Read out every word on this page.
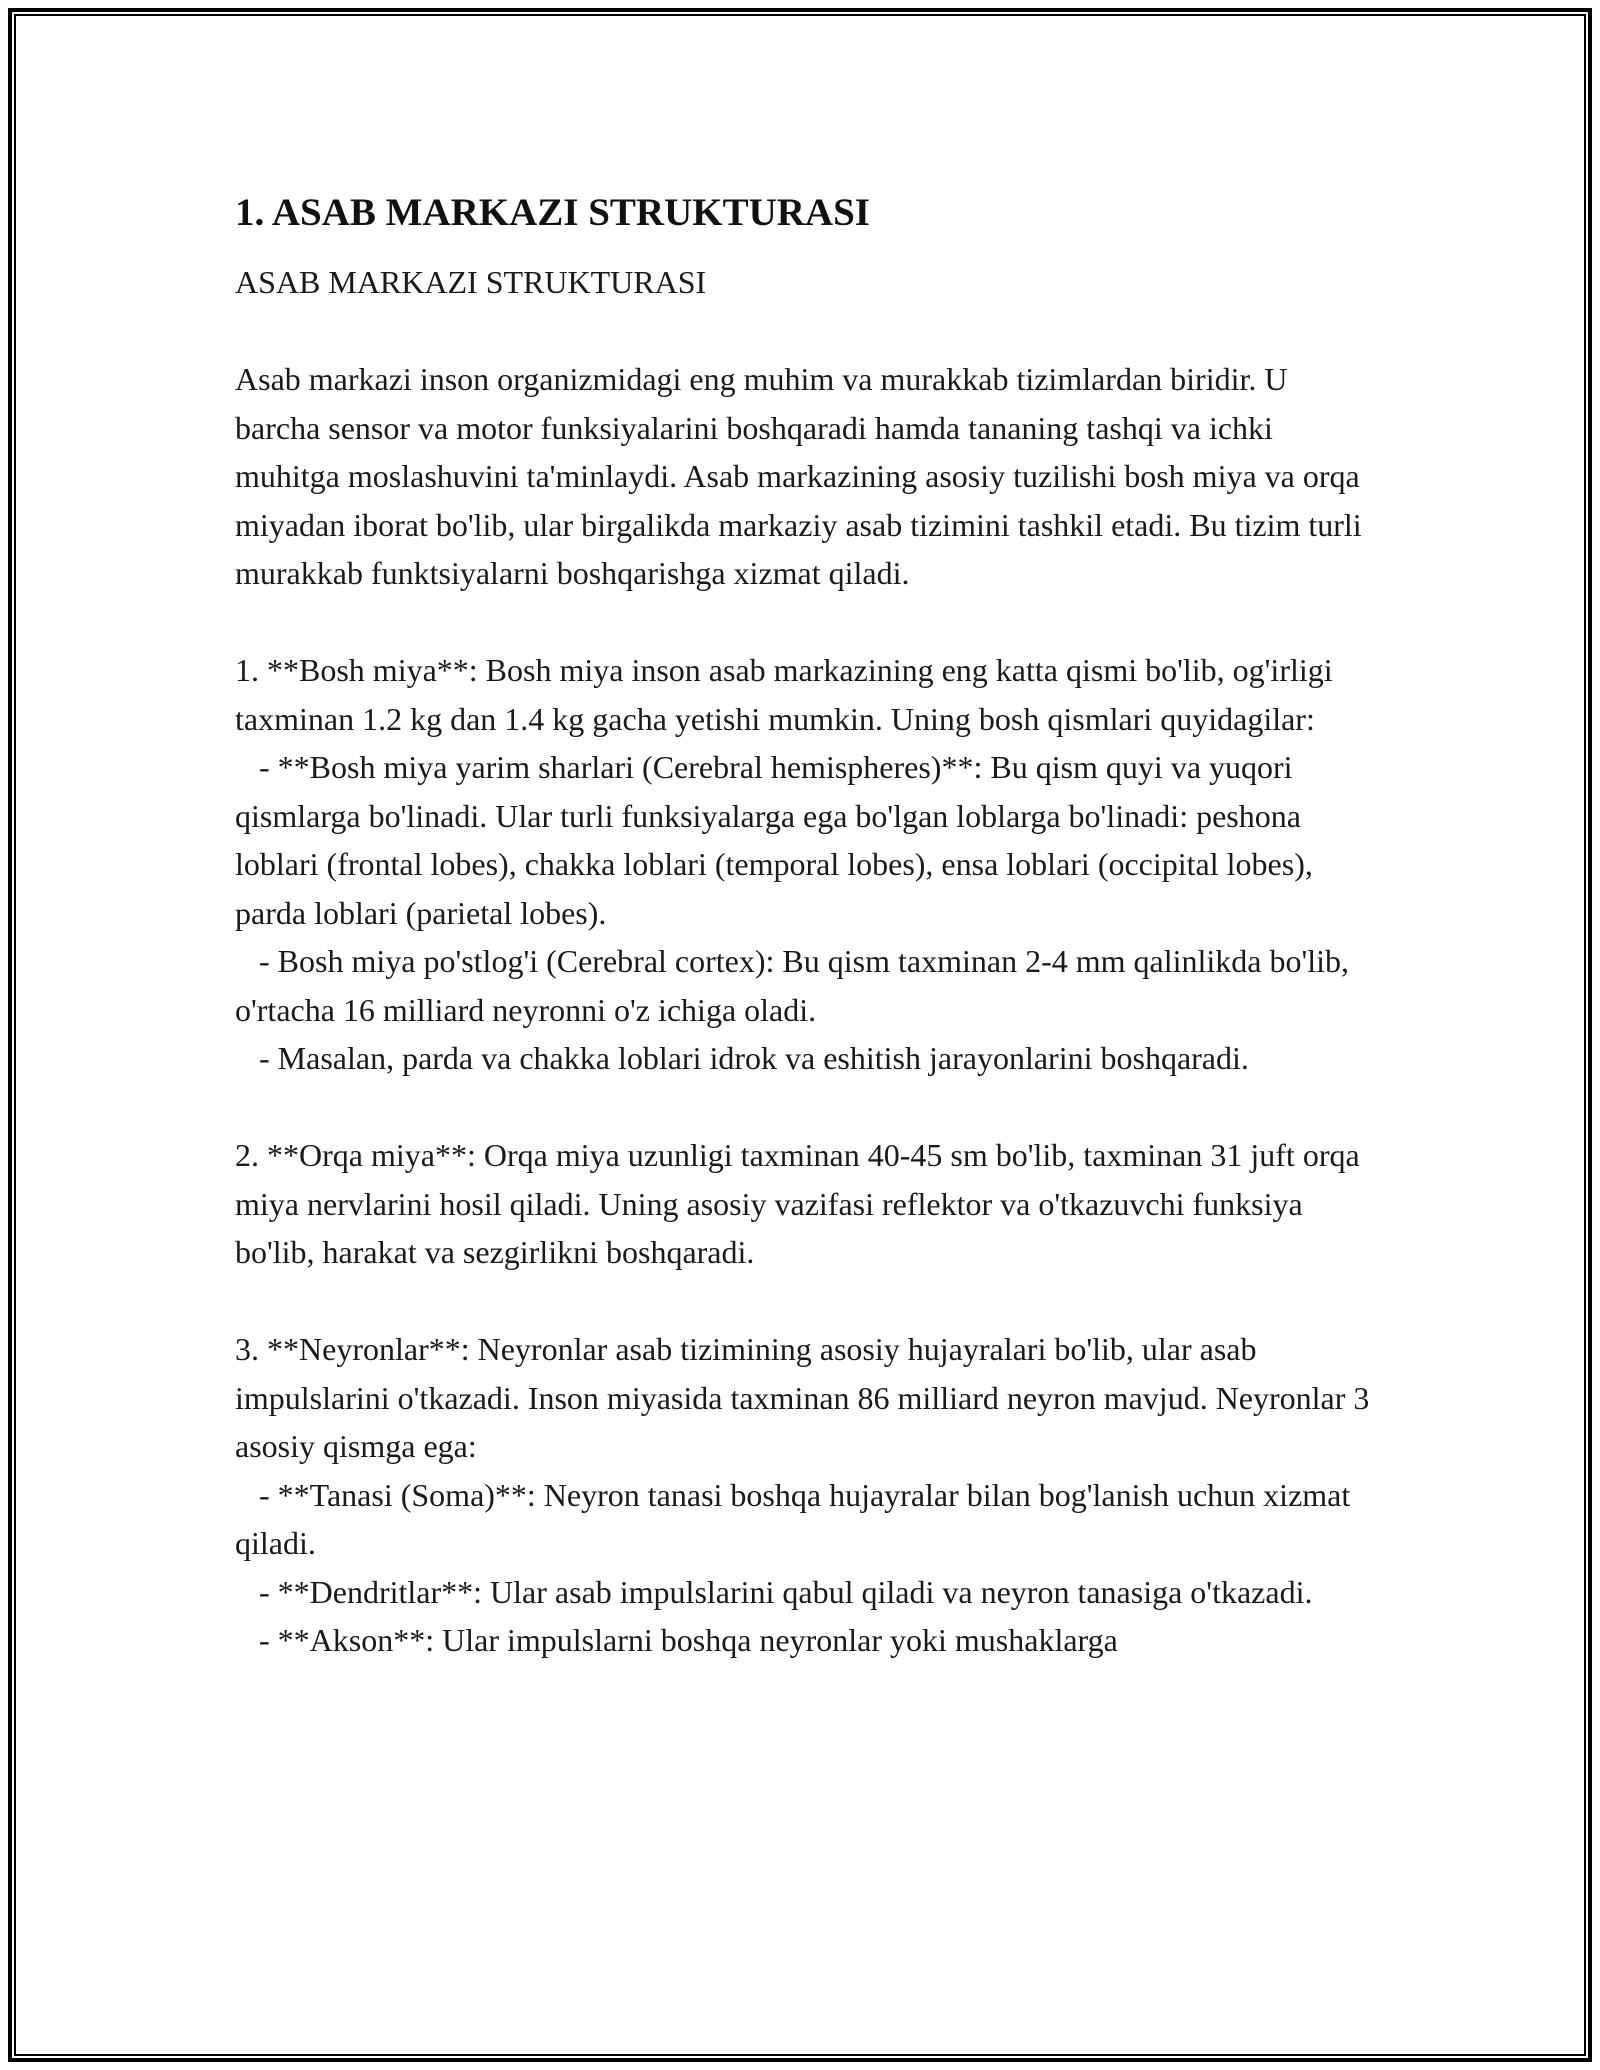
1. ASAB MARKAZI STRUKTURASI

ASAB MARKAZI STRUKTURASI

Asab markazi inson organizmidagi eng muhim va murakkab tizimlardan biridir. U barcha sensor va motor funksiyalarini boshqaradi hamda tananing tashqi va ichki muhitga moslashuvini ta'minlaydi. Asab markazining asosiy tuzilishi bosh miya va orqa miyadan iborat bo'lib, ular birgalikda markaziy asab tizimini tashkil etadi. Bu tizim turli murakkab funktsiyalarni boshqarishga xizmat qiladi.

1. **Bosh miya**: Bosh miya inson asab markazining eng katta qismi bo'lib, og'irligi taxminan 1.2 kg dan 1.4 kg gacha yetishi mumkin. Uning bosh qismlari quyidagilar:

- **Bosh miya yarim sharlari (Cerebral hemispheres)**: Bu qism quyi va yuqori qismlarga bo'linadi. Ular turli funksiyalarga ega bo'lgan loblarga bo'linadi: peshona loblari (frontal lobes), chakka loblari (temporal lobes), ensa loblari (occipital lobes), parda loblari (parietal lobes).

- Bosh miya po'stlog'i (Cerebral cortex): Bu qism taxminan 2-4 mm qalinlikda bo'lib, o'rtacha 16 milliard neyronni o'z ichiga oladi.

- Masalan, parda va chakka loblari idrok va eshitish jarayonlarini boshqaradi.

2. **Orqa miya**: Orqa miya uzunligi taxminan 40-45 sm bo'lib, taxminan 31 juft orqa miya nervlarini hosil qiladi. Uning asosiy vazifasi reflektor va o'tkazuvchi funksiya bo'lib, harakat va sezgirlikni boshqaradi.

3. **Neyronlar**: Neyronlar asab tizimining asosiy hujayralari bo'lib, ular asab impulslarini o'tkazadi. Inson miyasida taxminan 86 milliard neyron mavjud. Neyronlar 3 asosiy qismga ega:

- **Tanasi (Soma)**: Neyron tanasi boshqa hujayralar bilan bog'lanish uchun xizmat qiladi.

- **Dendritlar**: Ular asab impulslarini qabul qiladi va neyron tanasiga o'tkazadi.

- **Akson**: Ular impulslarni boshqa neyronlar yoki mushaklarga
